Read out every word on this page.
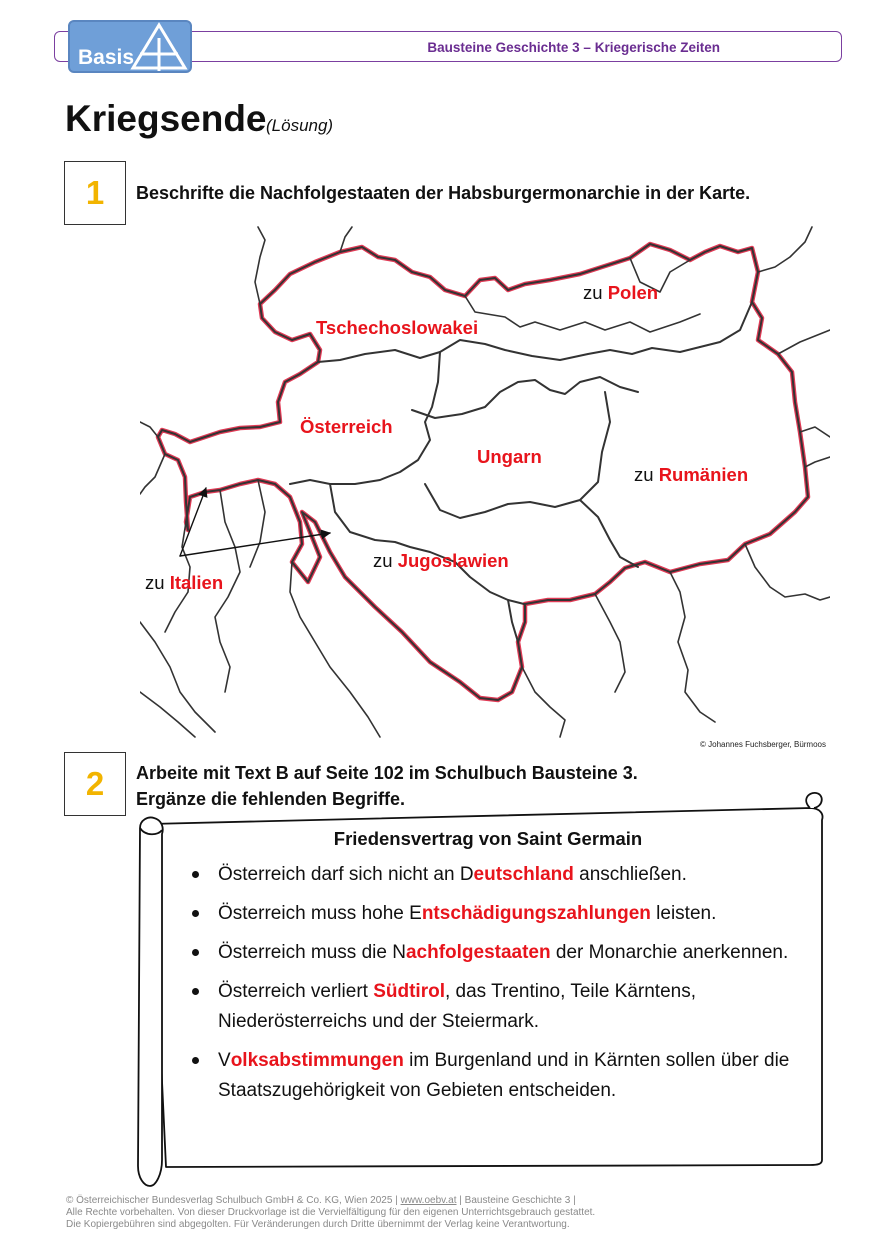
Bausteine Geschichte 3 – Kriegerische Zeiten
Basis
Kriegsende (Lösung)
1	Beschrifte die Nachfolgestaaten der Habsburgermonarchie in der Karte.
zu Polen
Tschechoslowakei
Österreich
Ungarn
zu Rumänien
zu Jugoslawien
zu Italien
© Johannes Fuchsberger, Bürmoos
2	Arbeite mit Text B auf Seite 102 im Schulbuch Bausteine 3.
Ergänze die fehlenden Begriffe.
Friedensvertrag von Saint Germain
Österreich darf sich nicht an Deutschland anschließen.
Österreich muss hohe Entschädigungszahlungen leisten.
Österreich muss die Nachfolgestaaten der Monarchie anerkennen.
Österreich verliert Südtirol, das Trentino, Teile Kärntens, Niederösterreichs und der Steiermark.
Volksabstimmungen im Burgenland und in Kärnten sollen über die Staatszugehörigkeit von Gebieten entscheiden.
© Österreichischer Bundesverlag Schulbuch GmbH & Co. KG, Wien 2025 | www.oebv.at | Bausteine Geschichte 3 |
Alle Rechte vorbehalten. Von dieser Druckvorlage ist die Vervielfältigung für den eigenen Unterrichtsgebrauch gestattet.
Die Kopiergebühren sind abgegolten. Für Veränderungen durch Dritte übernimmt der Verlag keine Verantwortung.
